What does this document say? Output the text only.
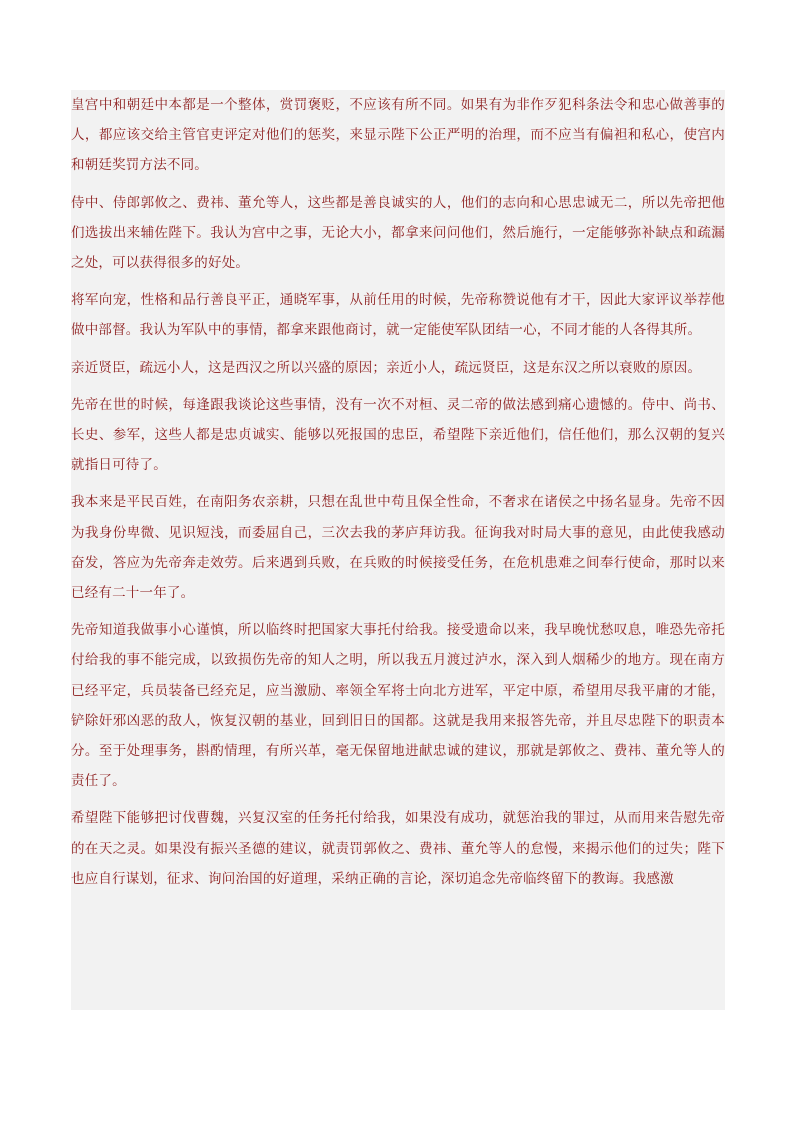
皇宫中和朝廷中本都是一个整体，赏罚褒贬，不应该有所不同。如果有为非作歹犯科条法令和忠心做善事的人，都应该交给主管官吏评定对他们的惩奖，来显示陛下公正严明的治理，而不应当有偏袒和私心，使宫内和朝廷奖罚方法不同。

侍中、侍郎郭攸之、费祎、董允等人，这些都是善良诚实的人，他们的志向和心思忠诚无二，所以先帝把他们选拔出来辅佐陛下。我认为宫中之事，无论大小，都拿来问问他们，然后施行，一定能够弥补缺点和疏漏之处，可以获得很多的好处。

将军向宠，性格和品行善良平正，通晓军事，从前任用的时候，先帝称赞说他有才干，因此大家评议举荐他做中部督。我认为军队中的事情，都拿来跟他商讨，就一定能使军队团结一心，不同才能的人各得其所。

亲近贤臣，疏远小人，这是西汉之所以兴盛的原因；亲近小人，疏远贤臣，这是东汉之所以衰败的原因。

先帝在世的时候，每逢跟我谈论这些事情，没有一次不对桓、灵二帝的做法感到痛心遗憾的。侍中、尚书、长史、参军，这些人都是忠贞诚实、能够以死报国的忠臣，希望陛下亲近他们，信任他们，那么汉朝的复兴就指日可待了。

我本来是平民百姓，在南阳务农亲耕，只想在乱世中苟且保全性命，不奢求在诸侯之中扬名显身。先帝不因为我身份卑微、见识短浅，而委屈自己，三次去我的茅庐拜访我。征询我对时局大事的意见，由此使我感动奋发，答应为先帝奔走效劳。后来遇到兵败，在兵败的时候接受任务，在危机患难之间奉行使命，那时以来已经有二十一年了。

先帝知道我做事小心谨慎，所以临终时把国家大事托付给我。接受遗命以来，我早晚忧愁叹息，唯恐先帝托付给我的事不能完成，以致损伤先帝的知人之明，所以我五月渡过泸水，深入到人烟稀少的地方。现在南方已经平定，兵员装备已经充足，应当激励、率领全军将士向北方进军，平定中原，希望用尽我平庸的才能，铲除奸邪凶恶的敌人，恢复汉朝的基业，回到旧日的国都。这就是我用来报答先帝，并且尽忠陛下的职责本分。至于处理事务，斟酌情理，有所兴革，毫无保留地进献忠诚的建议，那就是郭攸之、费祎、董允等人的责任了。

希望陛下能够把讨伐曹魏，兴复汉室的任务托付给我，如果没有成功，就惩治我的罪过，从而用来告慰先帝的在天之灵。如果没有振兴圣德的建议，就责罚郭攸之、费祎、董允等人的怠慢，来揭示他们的过失；陛下也应自行谋划，征求、询问治国的好道理，采纳正确的言论，深切追念先帝临终留下的教诲。我感激
